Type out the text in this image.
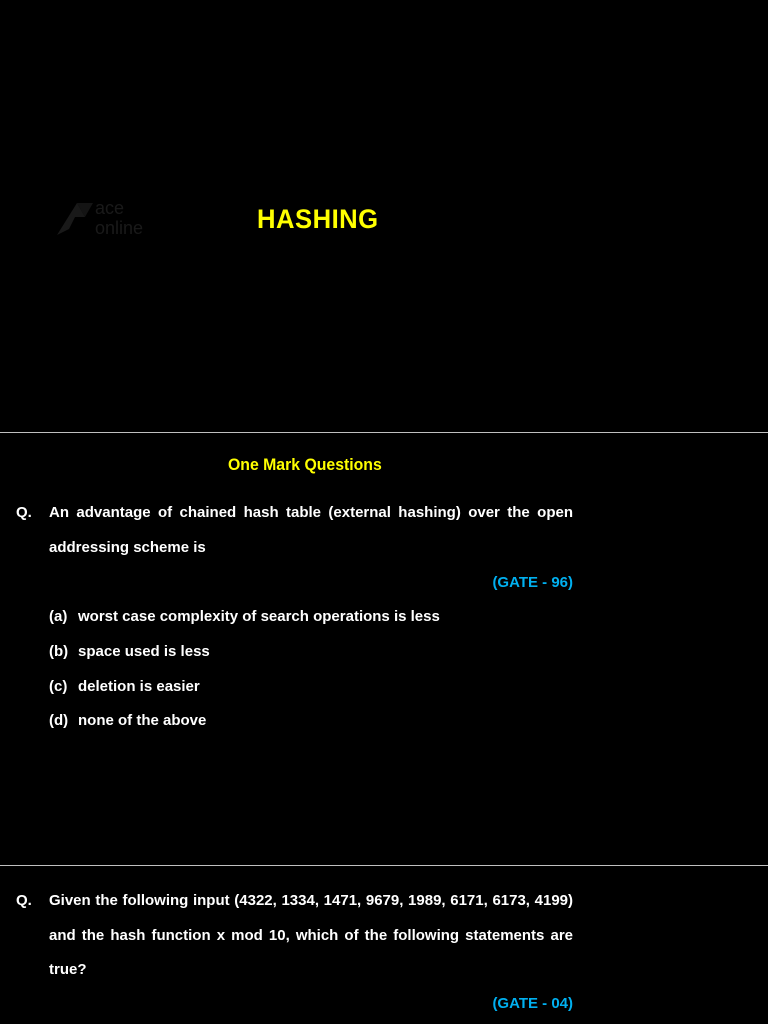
ace
online	HASHING
One Mark Questions
Q. An advantage of chained hash table (external hashing) over the open addressing scheme is
(GATE - 96)
(a) worst case complexity of search operations is less
(b) space used is less
(c) deletion is easier
(d) none of the above
Q. Given the following input (4322, 1334, 1471, 9679, 1989, 6171, 6173, 4199) and the hash function x mod 10, which of the following statements are true?
(GATE - 04)
